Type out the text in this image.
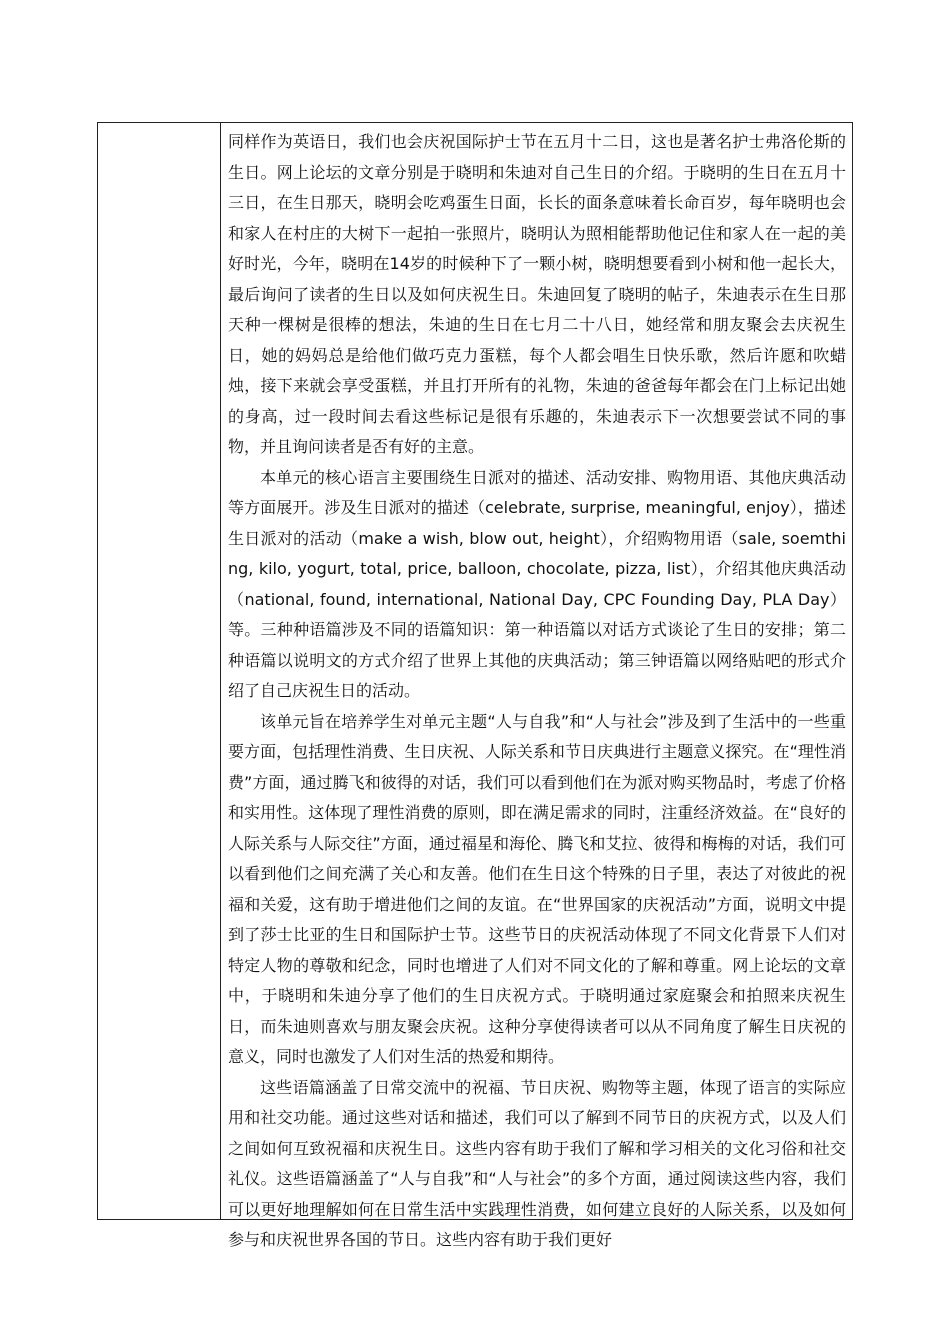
同样作为英语日，我们也会庆祝国际护士节在五月十二日，这也是著名护士弗洛伦斯的生日。网上论坛的文章分别是于晓明和朱迪对自己生日的介绍。于晓明的生日在五月十三日，在生日那天，晓明会吃鸡蛋生日面，长长的面条意味着长命百岁，每年晓明也会和家人在村庄的大树下一起拍一张照片，晓明认为照相能帮助他记住和家人在一起的美好时光，今年，晓明在14岁的时候种下了一颗小树，晓明想要看到小树和他一起长大，最后询问了读者的生日以及如何庆祝生日。朱迪回复了晓明的帖子，朱迪表示在生日那天种一棵树是很棒的想法，朱迪的生日在七月二十八日，她经常和朋友聚会去庆祝生日，她的妈妈总是给他们做巧克力蛋糕，每个人都会唱生日快乐歌，然后许愿和吹蜡烛，接下来就会享受蛋糕，并且打开所有的礼物，朱迪的爸爸每年都会在门上标记出她的身高，过一段时间去看这些标记是很有乐趣的，朱迪表示下一次想要尝试不同的事物，并且询问读者是否有好的主意。

本单元的核心语言主要围绕生日派对的描述、活动安排、购物用语、其他庆典活动等方面展开。涉及生日派对的描述（celebrate, surprise, meaningful, enjoy），描述生日派对的活动（make a wish, blow out, height），介绍购物用语（sale, soemthing, kilo, yogurt, total, price, balloon, chocolate, pizza, list），介绍其他庆典活动（national, found, international, National Day, CPC Founding Day, PLA Day）等。三种种语篇涉及不同的语篇知识：第一种语篇以对话方式谈论了生日的安排；第二种语篇以说明文的方式介绍了世界上其他的庆典活动；第三钟语篇以网络贴吧的形式介绍了自己庆祝生日的活动。

该单元旨在培养学生对单元主题“人与自我”和“人与社会”涉及到了生活中的一些重要方面，包括理性消费、生日庆祝、人际关系和节日庆典进行主题意义探究。在“理性消费”方面，通过腾飞和彼得的对话，我们可以看到他们在为派对购买物品时，考虑了价格和实用性。这体现了理性消费的原则，即在满足需求的同时，注重经济效益。在“良好的人际关系与人际交往”方面，通过福星和海伦、腾飞和艾拉、彼得和梅梅的对话，我们可以看到他们之间充满了关心和友善。他们在生日这个特殊的日子里，表达了对彼此的祝福和关爱，这有助于增进他们之间的友谊。在“世界国家的庆祝活动”方面，说明文中提到了莎士比亚的生日和国际护士节。这些节日的庆祝活动体现了不同文化背景下人们对特定人物的尊敬和纪念，同时也增进了人们对不同文化的了解和尊重。网上论坛的文章中，于晓明和朱迪分享了他们的生日庆祝方式。于晓明通过家庭聚会和拍照来庆祝生日，而朱迪则喜欢与朋友聚会庆祝。这种分享使得读者可以从不同角度了解生日庆祝的意义，同时也激发了人们对生活的热爱和期待。

这些语篇涵盖了日常交流中的祝福、节日庆祝、购物等主题，体现了语言的实际应用和社交功能。通过这些对话和描述，我们可以了解到不同节日的庆祝方式，以及人们之间如何互致祝福和庆祝生日。这些内容有助于我们了解和学习相关的文化习俗和社交礼仪。这些语篇涵盖了“人与自我”和“人与社会”的多个方面，通过阅读这些内容，我们可以更好地理解如何在日常生活中实践理性消费，如何建立良好的人际关系，以及如何参与和庆祝世界各国的节日。这些内容有助于我们更好
